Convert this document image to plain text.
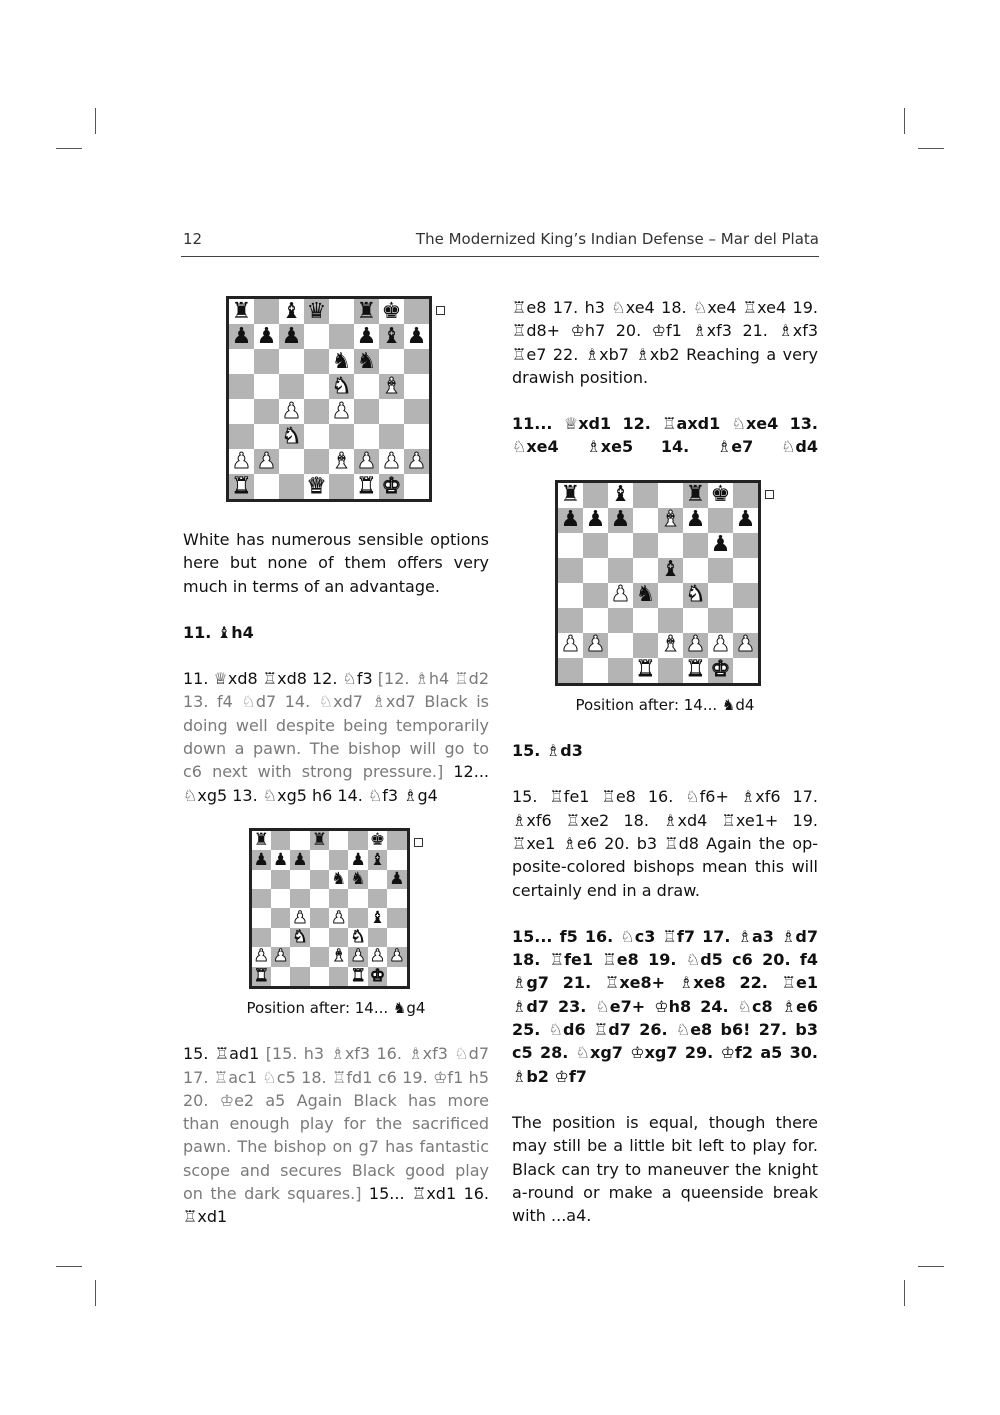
12	The Modernized King’s Indian Defense – Mar del Plata
♜ ♝ ♛ ♜ ♚
♟ ♟ ♟	♟ ♝ ♟
♞ ♞
♞ ♝
♟ ♟
♞
♟ ♟	♝ ♟ ♟ ♟
♜	♛ ♜ ♚

White has numerous sensible options here but none of them offers very much in terms of an advantage.

11. ♝h4

11. ♕xd8 ♖xd8 12. ♘f3 [12. ♗h4 ♖d2 13. f4 ♘d7 14. ♘xd7 ♗xd7 Black is doing well despite being temporarily down a pawn. The bishop will go to c6 next with strong pressure.] 12... ♘xg5 13. ♘xg5 h6 14. ♘f3 ♗g4

♜	♜	♚
♟ ♟ ♟	♟ ♝
♞ ♞ ♟
♟ ♟ ♝
♞	♞
♟ ♟	♝ ♟ ♟ ♟
♜	♜ ♚
Position after: 14... ♞g4

15. ♖ad1 [15. h3 ♗xf3 16. ♗xf3 ♘d7 17. ♖ac1 ♘c5 18. ♖fd1 c6 19. ♔f1 h5 20. ♔e2 a5 Again Black has more than enough play for the sacrificed pawn. The bishop on g7 has fantastic scope and secures Black good play on the dark squares.] 15... ♖xd1 16. ♖xd1

♖e8 17. h3 ♘xe4 18. ♘xe4 ♖xe4 19. ♖d8+ ♔h7 20. ♔f1 ♗xf3 21. ♗xf3 ♖e7 22. ♗xb7 ♗xb2 Reaching a very drawish position.

11... ♕xd1 12. ♖axd1 ♘xe4 13. ♘xe4 ♗xe5 14. ♗e7 ♘d4

♜ ♝	♜ ♚
♟ ♟ ♟ ♝ ♟ ♟
♟
♝
♟ ♞ ♞
♟ ♟	♝ ♟ ♟ ♟
♜ ♜ ♚
Position after: 14... ♞d4

15. ♗d3

15. ♖fe1 ♖e8 16. ♘f6+ ♗xf6 17. ♗xf6 ♖xe2 18. ♗xd4 ♖xe1+ 19. ♖xe1 ♗e6 20. b3 ♖d8 Again the op-posite-colored bishops mean this will certainly end in a draw.

15... f5 16. ♘c3 ♖f7 17. ♗a3 ♗d7 18. ♖fe1 ♖e8 19. ♘d5 c6 20. f4 ♗g7 21. ♖xe8+ ♗xe8 22. ♖e1 ♗d7 23. ♘e7+ ♔h8 24. ♘c8 ♗e6 25. ♘d6 ♖d7 26. ♘e8 b6! 27. b3 c5 28. ♘xg7 ♔xg7 29. ♔f2 a5 30. ♗b2 ♔f7

The position is equal, though there may still be a little bit left to play for. Black can try to maneuver the knight a-round or make a queenside break with ...a4.
